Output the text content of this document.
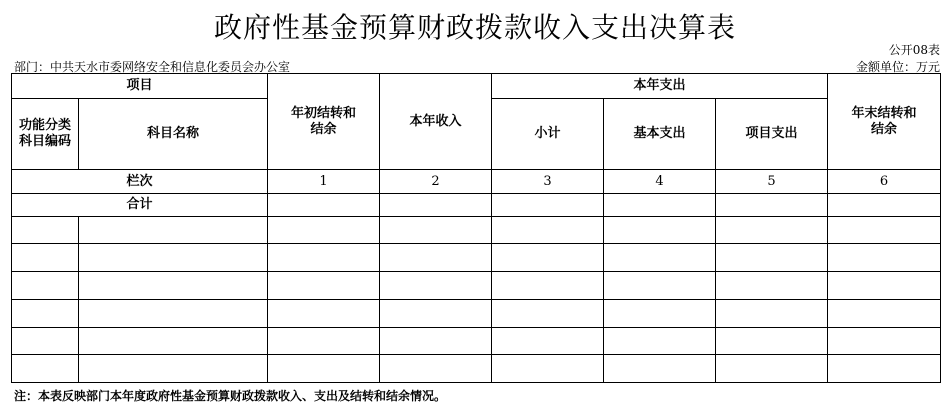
政府性基金预算财政拨款收入支出决算表
公开08表
部门：中共天水市委网络安全和信息化委员会办公室	金额单位：万元
项目		年初结转和结余	本年收入	本年支出			年末结转和结余

功能分类科目编码	科目名称			小计	基本支出	项目支出	
栏次		1	2	3	4	5	6
合计							

注：本表反映部门本年度政府性基金预算财政拨款收入、支出及结转和结余情况。
